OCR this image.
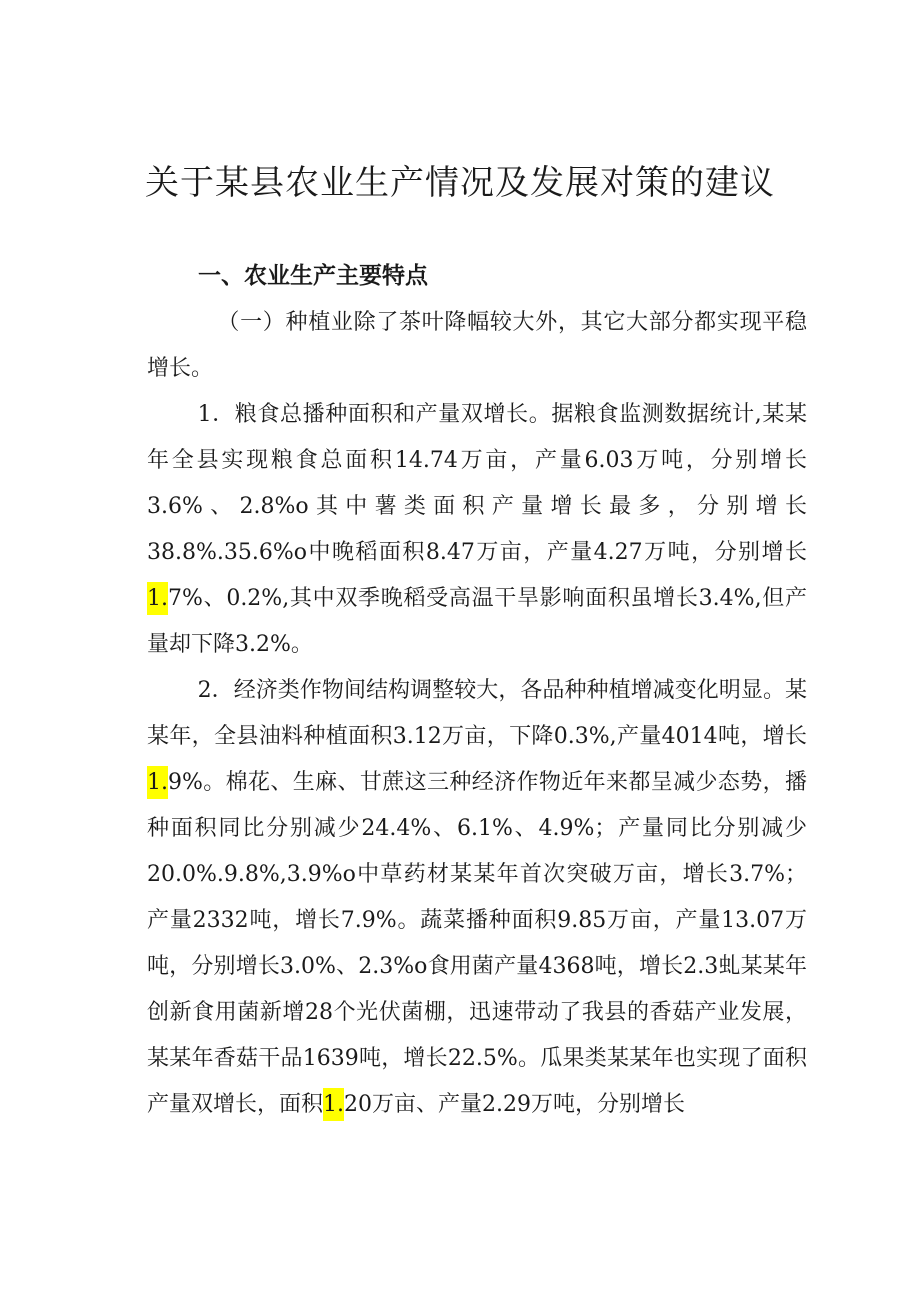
关于某县农业生产情况及发展对策的建议
一、农业生产主要特点

（一）种植业除了茶叶降幅较大外，其它大部分都实现平稳增长。

1．粮食总播种面积和产量双增长。据粮食监测数据统计,某某年全县实现粮食总面积14.74万亩，产量6.03万吨，分别增长3.6%、2.8%o其中薯类面积产量增长最多，分别增长38.8%.35.6%o中晚稻面积8.47万亩，产量4.27万吨，分别增长1.7%、0.2%,其中双季晚稻受高温干旱影响面积虽增长3.4%,但产量却下降3.2%。

2．经济类作物间结构调整较大，各品种种植增减变化明显。某某年，全县油料种植面积3.12万亩，下降0.3%,产量4014吨，增长1.9%。棉花、生麻、甘蔗这三种经济作物近年来都呈减少态势，播种面积同比分别减少24.4%、6.1%、4.9%；产量同比分别减少20.0%.9.8%,3.9%o中草药材某某年首次突破万亩，增长3.7%；产量2332吨，增长7.9%。蔬菜播种面积9.85万亩，产量13.07万吨，分别增长3.0%、2.3%o食用菌产量4368吨，增长2.3虬某某年创新食用菌新增28个光伏菌棚，迅速带动了我县的香菇产业发展，某某年香菇干品1639吨，增长22.5%。瓜果类某某年也实现了面积产量双增长，面积1.20万亩、产量2.29万吨，分别增长
